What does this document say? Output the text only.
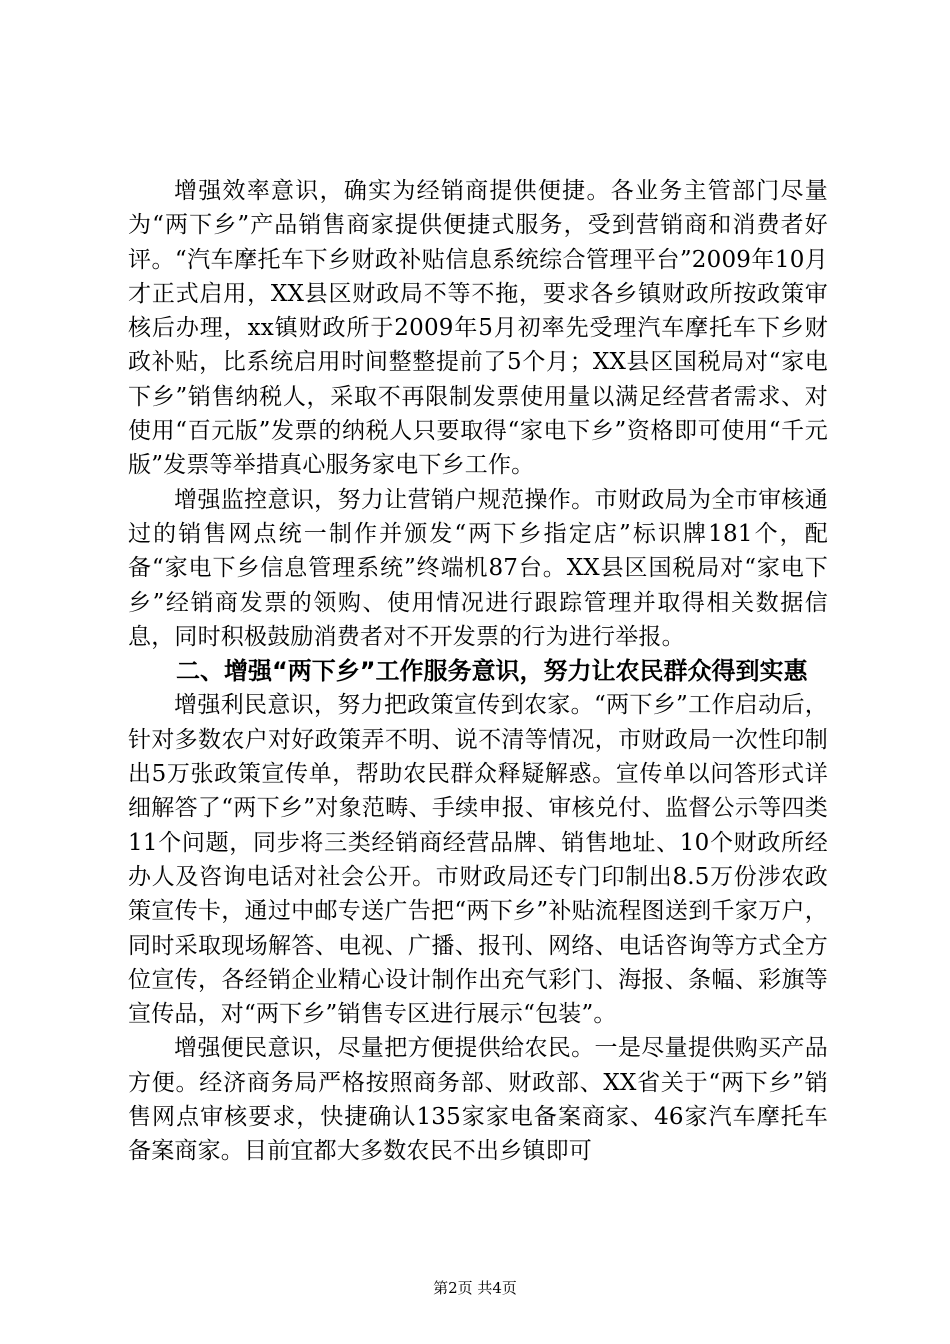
增强效率意识，确实为经销商提供便捷。各业务主管部门尽量为“两下乡”产品销售商家提供便捷式服务，受到营销商和消费者好评。“汽车摩托车下乡财政补贴信息系统综合管理平台”2009年10月才正式启用，XX县区财政局不等不拖，要求各乡镇财政所按政策审核后办理，xx镇财政所于2009年5月初率先受理汽车摩托车下乡财政补贴，比系统启用时间整整提前了5个月；XX县区国税局对“家电下乡”销售纳税人，采取不再限制发票使用量以满足经营者需求、对使用“百元版”发票的纳税人只要取得“家电下乡”资格即可使用“千元版”发票等举措真心服务家电下乡工作。

增强监控意识，努力让营销户规范操作。市财政局为全市审核通过的销售网点统一制作并颁发“两下乡指定店”标识牌181个，配备“家电下乡信息管理系统”终端机87台。XX县区国税局对“家电下乡”经销商发票的领购、使用情况进行跟踪管理并取得相关数据信息，同时积极鼓励消费者对不开发票的行为进行举报。

二、增强“两下乡”工作服务意识，努力让农民群众得到实惠

增强利民意识，努力把政策宣传到农家。“两下乡”工作启动后，针对多数农户对好政策弄不明、说不清等情况，市财政局一次性印制出5万张政策宣传单，帮助农民群众释疑解惑。宣传单以问答形式详细解答了“两下乡”对象范畴、手续申报、审核兑付、监督公示等四类11个问题，同步将三类经销商经营品牌、销售地址、10个财政所经办人及咨询电话对社会公开。市财政局还专门印制出8.5万份涉农政策宣传卡，通过中邮专送广告把“两下乡”补贴流程图送到千家万户，同时采取现场解答、电视、广播、报刊、网络、电话咨询等方式全方位宣传，各经销企业精心设计制作出充气彩门、海报、条幅、彩旗等宣传品，对“两下乡”销售专区进行展示“包装”。

增强便民意识，尽量把方便提供给农民。一是尽量提供购买产品方便。经济商务局严格按照商务部、财政部、XX省关于“两下乡”销售网点审核要求，快捷确认135家家电备案商家、46家汽车摩托车备案商家。目前宜都大多数农民不出乡镇即可

第2页 共4页
